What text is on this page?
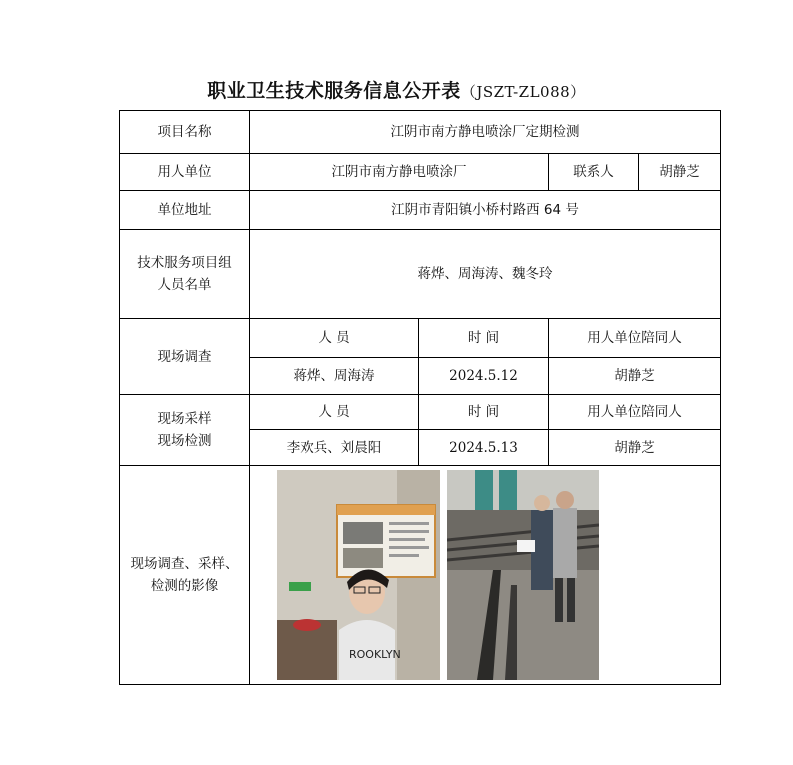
职业卫生技术服务信息公开表（JSZT-ZL088）
项目名称	江阴市南方静电喷涂厂定期检测			
用人单位	江阴市南方静电喷涂厂		联系人	胡静芝
单位地址	江阴市青阳镇小桥村路西 64 号			

技术服务项目组
人员名单	蒋烨、周海涛、魏冬玲			
现场调查	人 员	时 间	用人单位陪同人	
	蒋烨、周海涛	2024.5.12	胡静芝	

现场采样
现场检测	人 员	时 间	用人单位陪同人	
	李欢兵、刘晨阳	2024.5.13	胡静芝	

现场调查、采样、
检测的影像	ROOKLYN			
